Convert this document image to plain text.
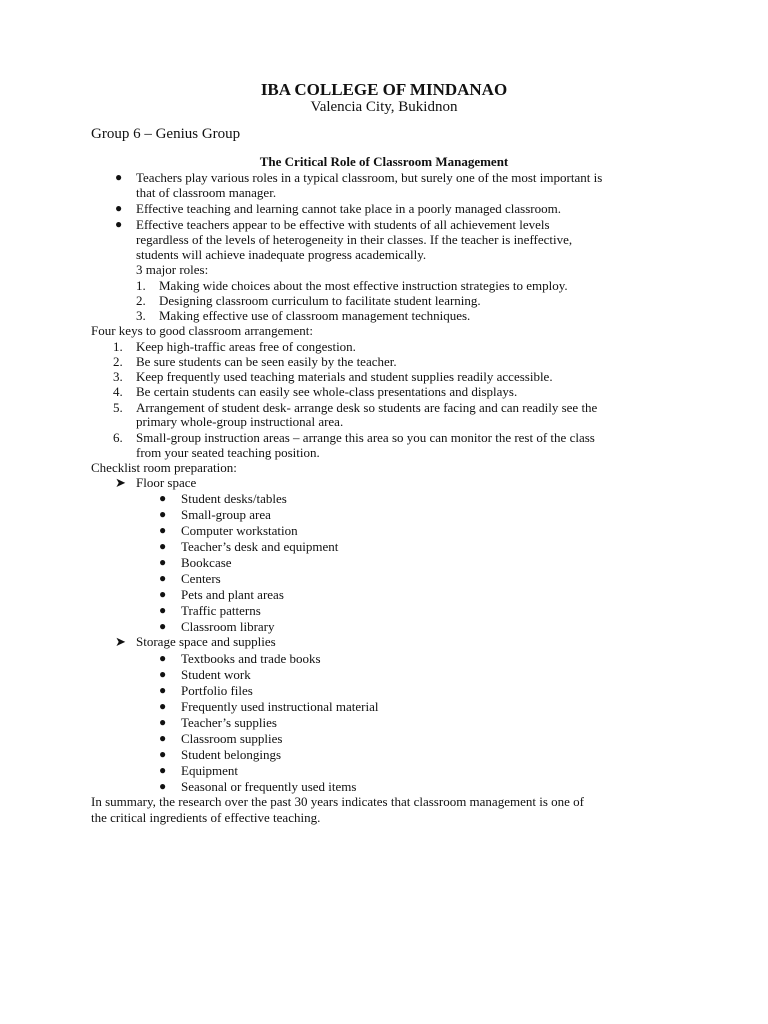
IBA COLLEGE OF MINDANAO
Valencia City, Bukidnon
Group 6 – Genius Group
The Critical Role of Classroom Management
● Teachers play various roles in a typical classroom, but surely one of the most important is
that of classroom manager.
● Effective teaching and learning cannot take place in a poorly managed classroom.
● Effective teachers appear to be effective with students of all achievement levels
regardless of the levels of heterogeneity in their classes. If the teacher is ineffective,
students will achieve inadequate progress academically.
3 major roles:
1. Making wide choices about the most effective instruction strategies to employ.
2. Designing classroom curriculum to facilitate student learning.
3. Making effective use of classroom management techniques.
Four keys to good classroom arrangement:
1. Keep high-traffic areas free of congestion.
2. Be sure students can be seen easily by the teacher.
3. Keep frequently used teaching materials and student supplies readily accessible.
4. Be certain students can easily see whole-class presentations and displays.
5. Arrangement of student desk- arrange desk so students are facing and can readily see the
primary whole-group instructional area.
6. Small-group instruction areas – arrange this area so you can monitor the rest of the class
from your seated teaching position.
Checklist room preparation:
➤ Floor space
● Student desks/tables
● Small-group area
● Computer workstation
● Teacher’s desk and equipment
● Bookcase
● Centers
● Pets and plant areas
● Traffic patterns
● Classroom library
➤ Storage space and supplies
● Textbooks and trade books
● Student work
● Portfolio files
● Frequently used instructional material
● Teacher’s supplies
● Classroom supplies
● Student belongings
● Equipment
● Seasonal or frequently used items
In summary, the research over the past 30 years indicates that classroom management is one of
the critical ingredients of effective teaching.
